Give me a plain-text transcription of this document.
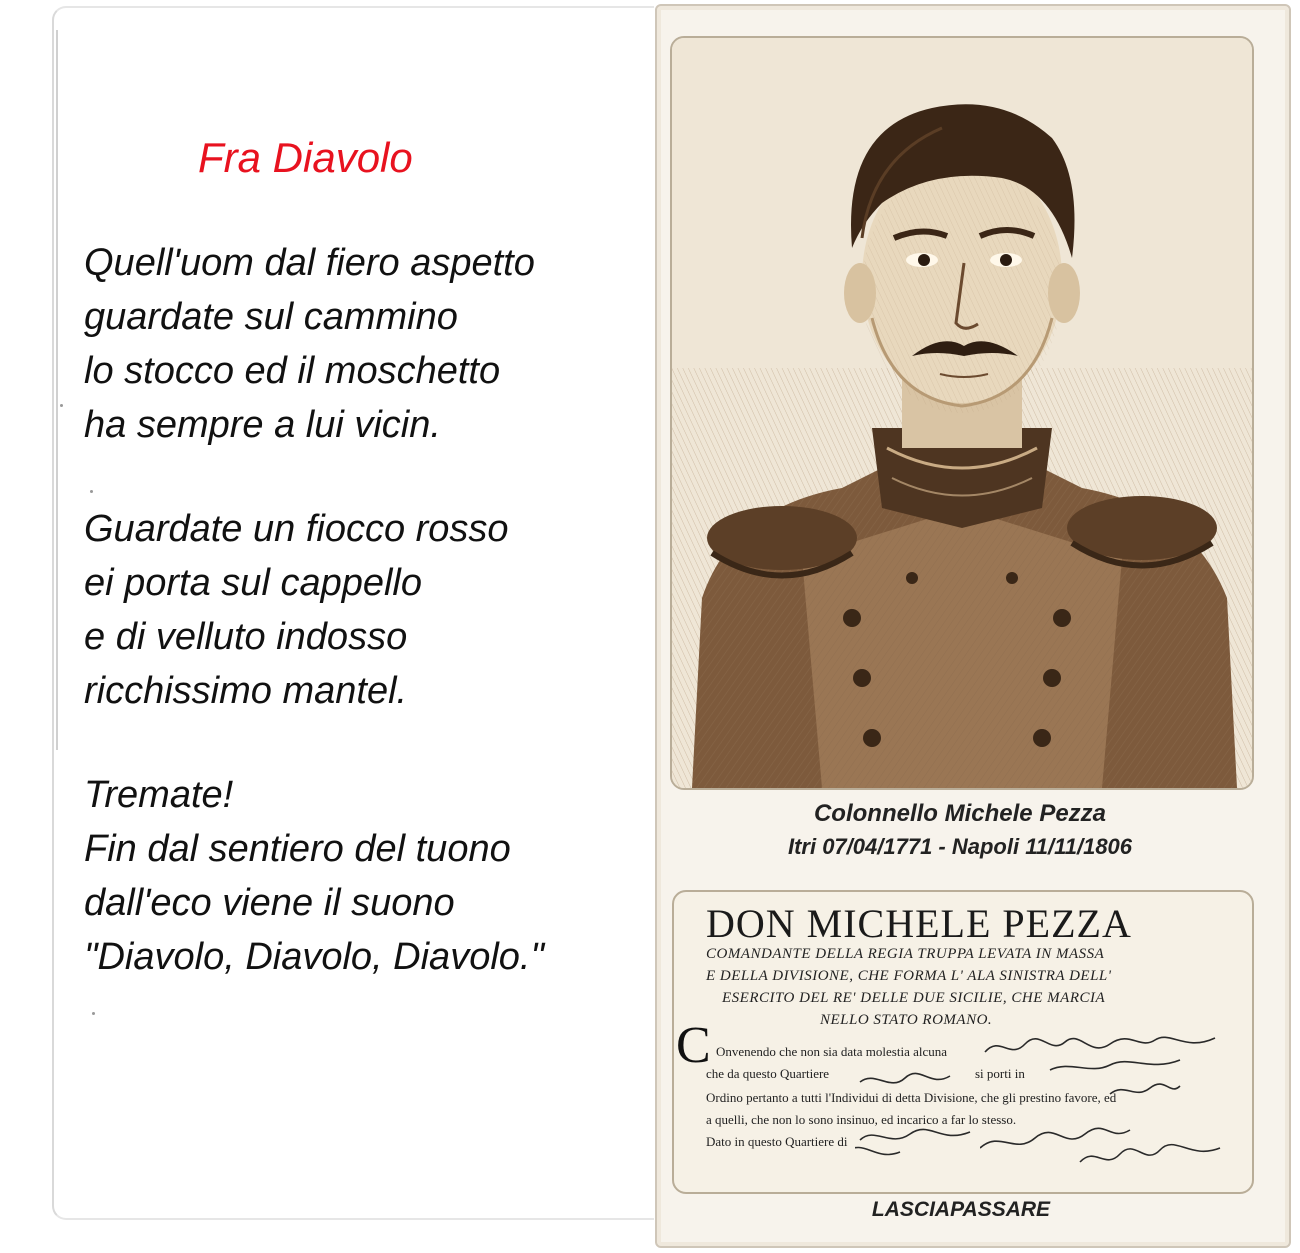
Fra Diavolo
Quell'uom dal fiero aspetto
guardate sul cammino
lo stocco ed il moschetto
ha sempre a lui vicin.
Guardate un fiocco rosso
ei porta sul cappello
e di velluto indosso
ricchissimo mantel.
Tremate!
Fin dal sentiero del tuono
dall'eco viene il suono
"Diavolo, Diavolo, Diavolo."
Colonnello Michele Pezza
Itri 07/04/1771 - Napoli 11/11/1806
DON MICHELE PEZZA
COMANDANTE DELLA REGIA TRUPPA LEVATA IN MASSA
E DELLA DIVISIONE, CHE FORMA L' ALA SINISTRA DELL'
ESERCITO DEL RE' DELLE DUE SICILIE, CHE MARCIA
NELLO STATO ROMANO.
C Onvenendo che non sia data molestia alcuna
che da questo Quartiere	si porti in
Ordino pertanto a tutti l'Individui di detta Divisione, che gli prestino favore, ed
a quelli, che non lo sono insinuo, ed incarico a far lo stesso.
Dato in questo Quartiere di
LASCIAPASSARE
